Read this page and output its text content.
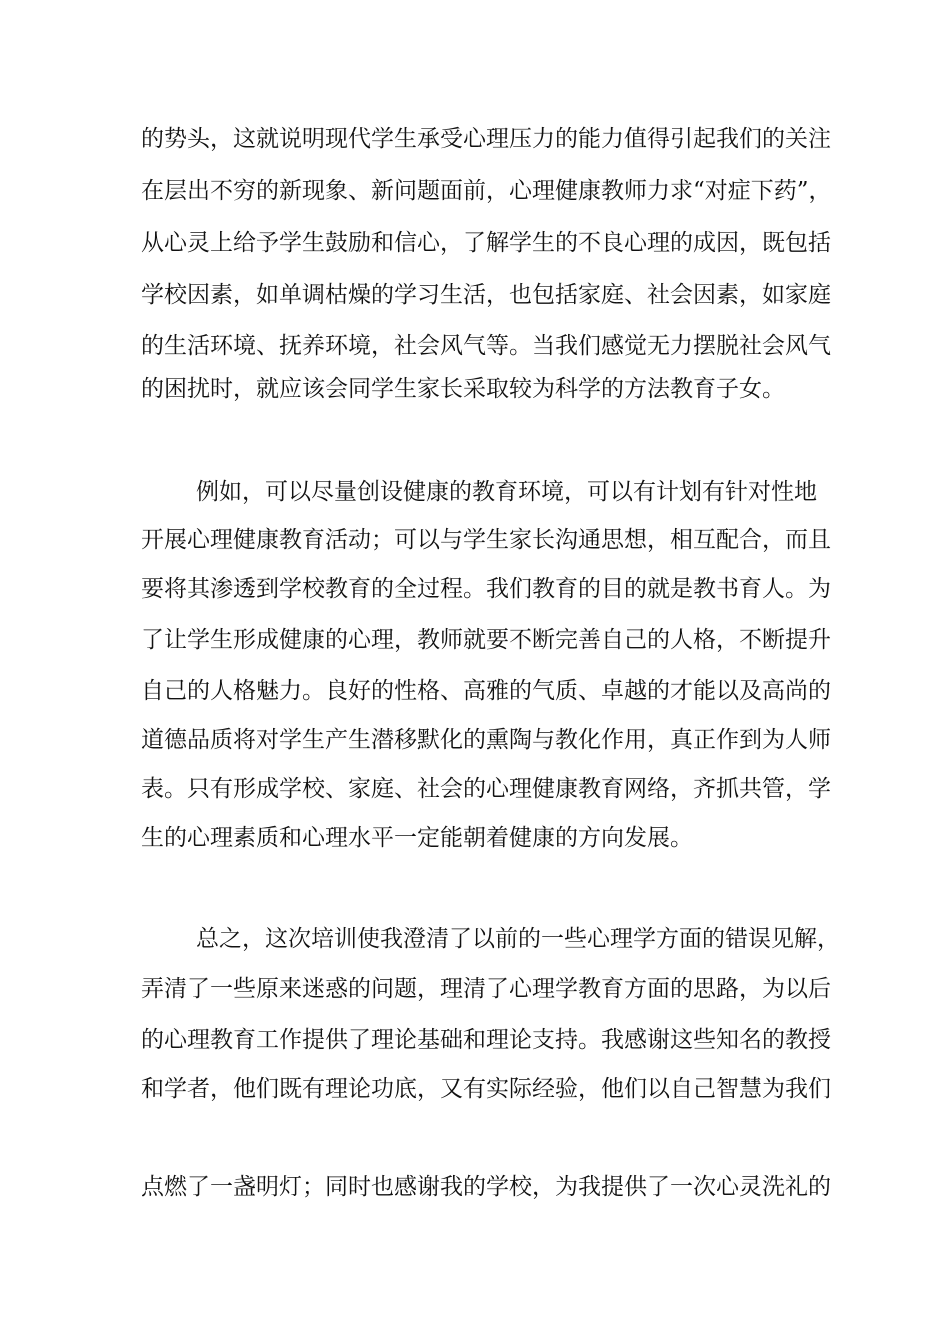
的势头，这就说明现代学生承受心理压力的能力值得引起我们的关注
在层出不穷的新现象、新问题面前，心理健康教师力求“对症下药”，
从心灵上给予学生鼓励和信心，了解学生的不良心理的成因，既包括
学校因素，如单调枯燥的学习生活，也包括家庭、社会因素，如家庭
的生活环境、抚养环境，社会风气等。当我们感觉无力摆脱社会风气
的困扰时，就应该会同学生家长采取较为科学的方法教育子女。
例如，可以尽量创设健康的教育环境，可以有计划有针对性地
开展心理健康教育活动；可以与学生家长沟通思想，相互配合，而且
要将其渗透到学校教育的全过程。我们教育的目的就是教书育人。为
了让学生形成健康的心理，教师就要不断完善自己的人格，不断提升
自己的人格魅力。良好的性格、高雅的气质、卓越的才能以及高尚的
道德品质将对学生产生潜移默化的熏陶与教化作用，真正作到为人师
表。只有形成学校、家庭、社会的心理健康教育网络，齐抓共管，学
生的心理素质和心理水平一定能朝着健康的方向发展。
总之，这次培训使我澄清了以前的一些心理学方面的错误见解，
弄清了一些原来迷惑的问题，理清了心理学教育方面的思路，为以后
的心理教育工作提供了理论基础和理论支持。我感谢这些知名的教授
和学者，他们既有理论功底，又有实际经验，他们以自己智慧为我们
点燃了一盏明灯；同时也感谢我的学校，为我提供了一次心灵洗礼的
